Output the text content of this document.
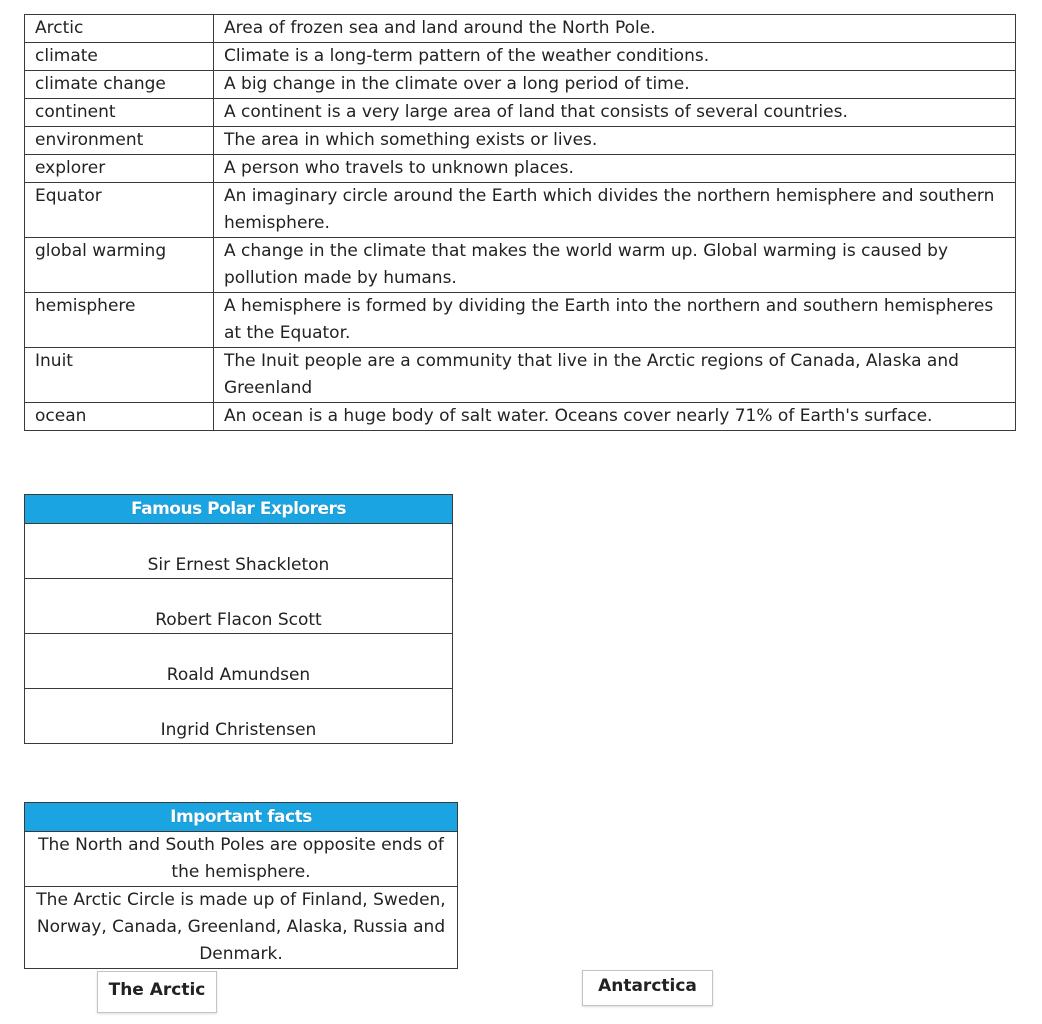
Arctic	Area of frozen sea and land around the North Pole.
climate	Climate is a long-term pattern of the weather conditions.
climate change	A big change in the climate over a long period of time.
continent	A continent is a very large area of land that consists of several countries.
environment	The area in which something exists or lives.
explorer	A person who travels to unknown places.
Equator	An imaginary circle around the Earth which divides the northern hemisphere and southern hemisphere.
global warming	A change in the climate that makes the world warm up. Global warming is caused by pollution made by humans.
hemisphere	A hemisphere is formed by dividing the Earth into the northern and southern hemispheres at the Equator.
Inuit	The Inuit people are a community that live in the Arctic regions of Canada, Alaska and Greenland
ocean	An ocean is a huge body of salt water. Oceans cover nearly 71% of Earth's surface.
Famous Polar Explorers
Sir Ernest Shackleton
Robert Flacon Scott
Roald Amundsen
Ingrid Christensen
Important facts
The North and South Poles are opposite ends of the hemisphere.
The Arctic Circle is made up of Finland, Sweden, Norway, Canada, Greenland, Alaska, Russia and Denmark.
The Arctic	Antarctica
